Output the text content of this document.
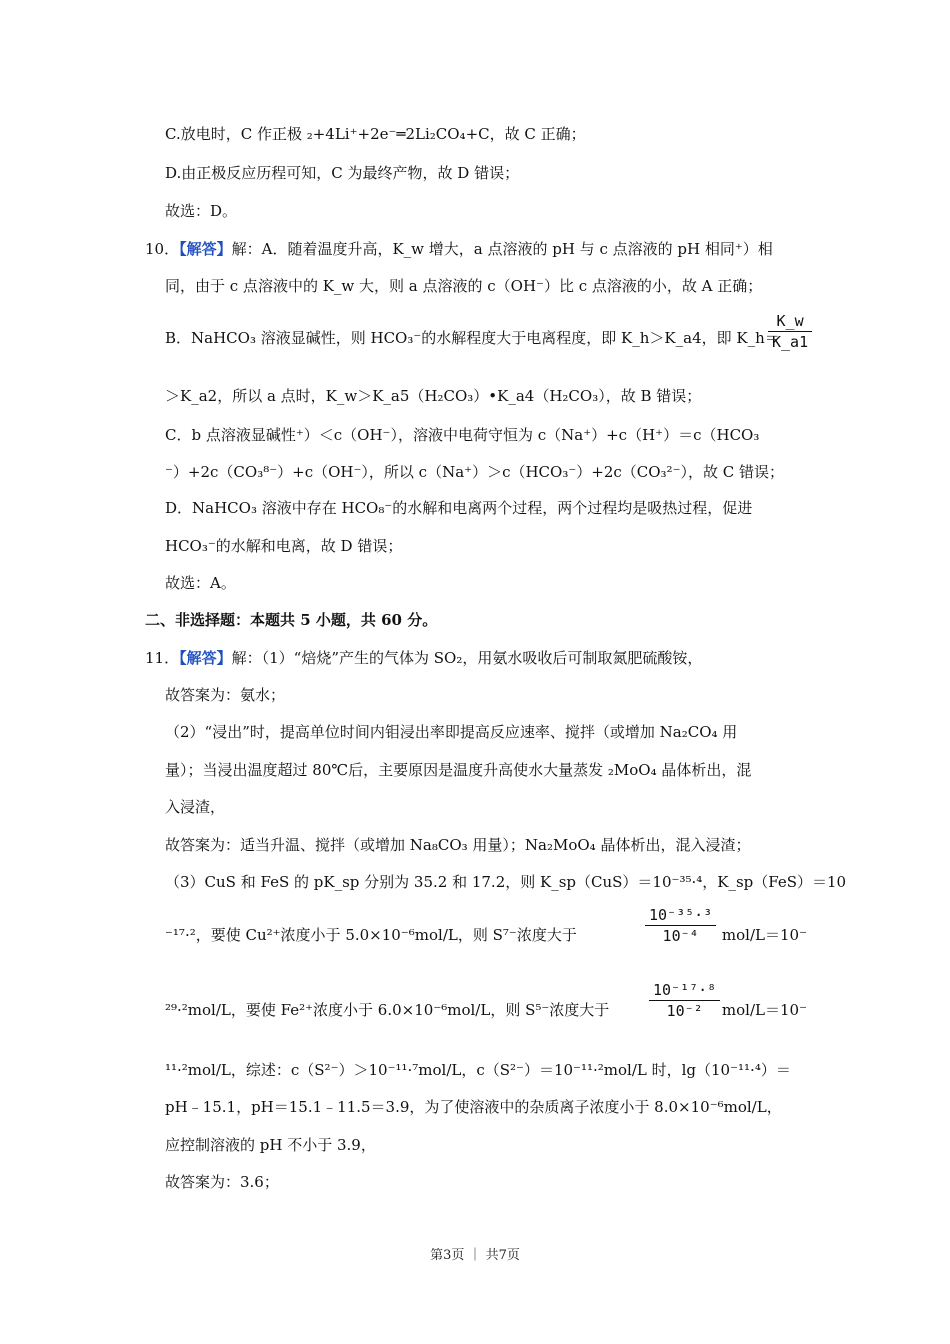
C.放电时，C 作正极 ₂+4Li⁺+2e⁻═2Li₂CO₄+C，故 C 正确；
D.由正极反应历程可知，C 为最终产物，故 D 错误；
故选：D。
10．【解答】解：A．随着温度升高，K_w 增大，a 点溶液的 pH 与 c 点溶液的 pH 相同⁺）相
同，由于 c 点溶液中的 K_w 大，则 a 点溶液的 c（OH⁻）比 c 点溶液的小，故 A 正确；
B．NaHCO₃ 溶液显碱性，则 HCO₃⁻的水解程度大于电离程度，即 K_h＞K_a4，即 K_h＝
K_w
K_a1
＞K_a2，所以 a 点时，K_w＞K_a5（H₂CO₃）•K_a4（H₂CO₃），故 B 错误；
C．b 点溶液显碱性⁺）＜c（OH⁻），溶液中电荷守恒为 c（Na⁺）+c（H⁺）＝c（HCO₃
⁻）+2c（CO₃⁸⁻）+c（OH⁻），所以 c（Na⁺）＞c（HCO₃⁻）+2c（CO₃²⁻），故 C 错误；
D．NaHCO₃ 溶液中存在 HCO₈⁻的水解和电离两个过程，两个过程均是吸热过程，促进
HCO₃⁻的水解和电离，故 D 错误；
故选：A。
二、非选择题：本题共 5 小题，共 60 分。
11．【解答】解：（1）“焙烧”产生的气体为 SO₂，用氨水吸收后可制取氮肥硫酸铵，
故答案为：氨水；
（2）“浸出”时，提高单位时间内钼浸出率即提高反应速率、搅拌（或增加 Na₂CO₄ 用
量）；当浸出温度超过 80℃后，主要原因是温度升高使水大量蒸发 ₂MoO₄ 晶体析出，混
入浸渣，
故答案为：适当升温、搅拌（或增加 Na₈CO₃ 用量）；Na₂MoO₄ 晶体析出，混入浸渣；
（3）CuS 和 FeS 的 pK_sp 分别为 35.2 和 17.2，则 K_sp（CuS）＝10⁻³⁵·⁴，K_sp（FeS）＝10
⁻¹⁷·²，要使 Cu²⁺浓度小于 5.0×10⁻⁶mol/L，则 S⁷⁻浓度大于
10⁻³⁵·³
10⁻⁴	mol/L＝10⁻
²⁹·²mol/L，要使 Fe²⁺浓度小于 6.0×10⁻⁶mol/L，则 S⁵⁻浓度大于
10⁻¹⁷·⁸
10⁻²	mol/L＝10⁻
¹¹·²mol/L，综述：c（S²⁻）＞10⁻¹¹·⁷mol/L，c（S²⁻）＝10⁻¹¹·²mol/L 时，lg（10⁻¹¹·⁴）＝
pH﹣15.1，pH＝15.1﹣11.5＝3.9，为了使溶液中的杂质离子浓度小于 8.0×10⁻⁶mol/L，
应控制溶液的 pH 不小于 3.9，
故答案为：3.6；
第3页 ｜ 共7页
